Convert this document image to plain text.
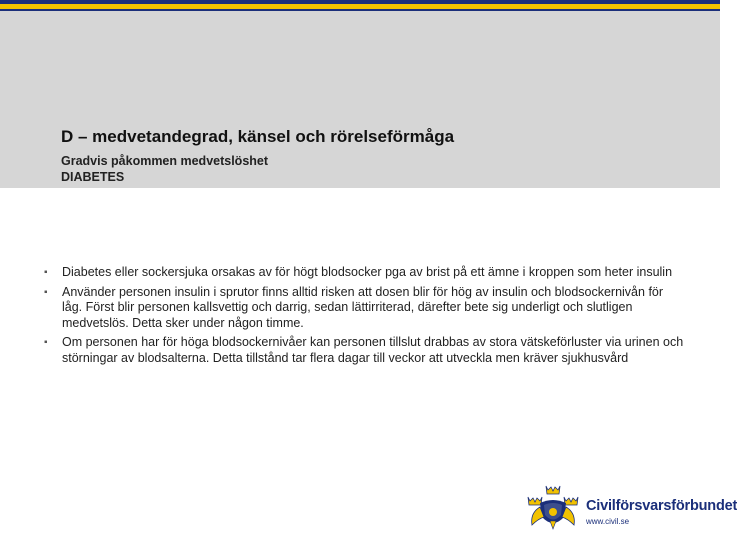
D – medvetandegrad, känsel och rörelseförmåga
Gradvis påkommen medvetslöshet
DIABETES
▪ Diabetes eller sockersjuka orsakas av för högt blodsocker pga av brist på ett ämne i kroppen som heter insulin
▪ Använder personen insulin i sprutor finns alltid risken att dosen blir för hög av insulin och blodsockernivån för låg. Först blir personen kallsvettig och darrig, sedan lättirriterad, därefter bete sig underligt och slutligen medvetslös. Detta sker under någon timme.
▪ Om personen har för höga blodsockernivåer kan personen tillslut drabbas av stora vätskeförluster via urinen och störningar av blodsalterna. Detta tillstånd tar flera dagar till veckor att utveckla men kräver sjukhusvård
Civilförsvarsförbundet
www.civil.se
